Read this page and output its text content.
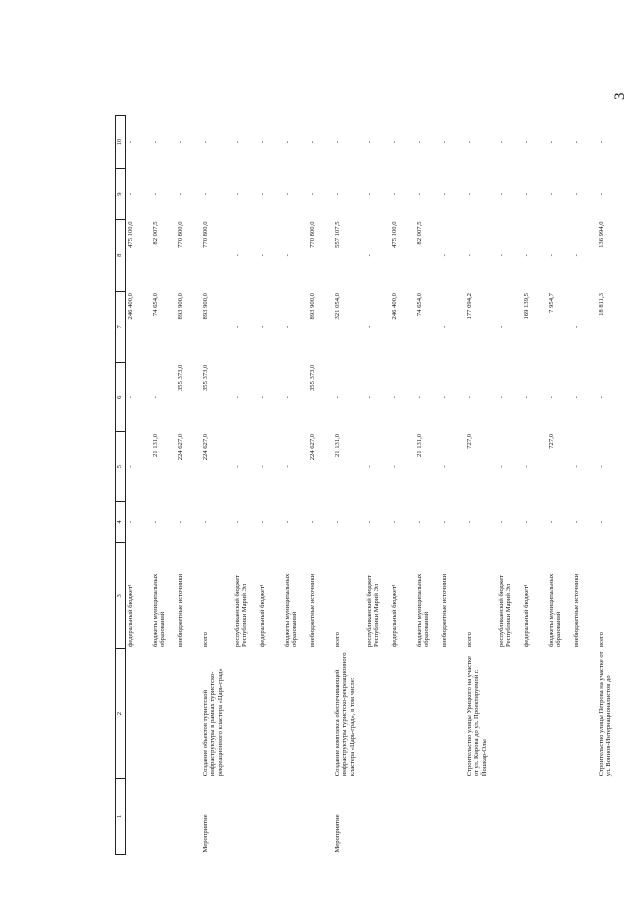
3
1	2	3	4	5	6	7	8	9	10
		федеральный бюджет¹	-	-	-	246 400,0	475 100,0	-	-
		бюджеты муниципальных образований	-	21 131,0	-	74 654,0	82 007,5	-	-
		внебюджетные источники	-	224 627,0	355 373,0	893 900,0	770 800,0	-	-
Мероприятие	Создание объектов туристской инфраструктуры в рамках туристско-рекреационного кластера «Царь-град»	всего	-	224 627,0	355 373,0	893 900,0	770 800,0	-	-
		республиканский бюджет Республики Марий Эл	-	-	-	-	-	-	-
		федеральный бюджет¹	-	-	-	-	-	-	-
		бюджеты муниципальных образований	-	-	-	-	-	-	-
		внебюджетные источники	-	224 627,0	355 373,0	893 900,0	770 800,0	-	-
Мероприятие	Создание комплекса обеспечивающей инфраструктуры туристско-рекреационного кластера «Царь-град», в том числе:	всего	-	21 131,0	-	321 054,0	557 107,5	-	-
		республиканский бюджет Республики Марий Эл	-	-	-	-	-	-	-
		федеральный бюджет¹	-	-	-	246 400,0	475 100,0	-	-
		бюджеты муниципальных образований	-	21 131,0	-	74 654,0	82 007,5	-	-
		внебюджетные источники	-	-	-	-	-	-	-
	Строительство улицы Урицкого на участке от ул. Кирова до ул. Проектируемой г. Йошкар-Олы	всего	-	727,0	-	177 094,2	-	-	-
		республиканский бюджет Республики Марий Эл	-	-	-	-	-	-	-
		федеральный бюджет¹	-	-	-	169 139,5	-	-	-
		бюджеты муниципальных образований	-	727,0	-	7 954,7	-	-	-
		внебюджетные источники	-	-	-	-	-	-	-
	Строительство улицы Петрова на участке от ул. Воинов-Интернационалистов до	всего	-	-	-	18 811,3	136 994,0	-	-
